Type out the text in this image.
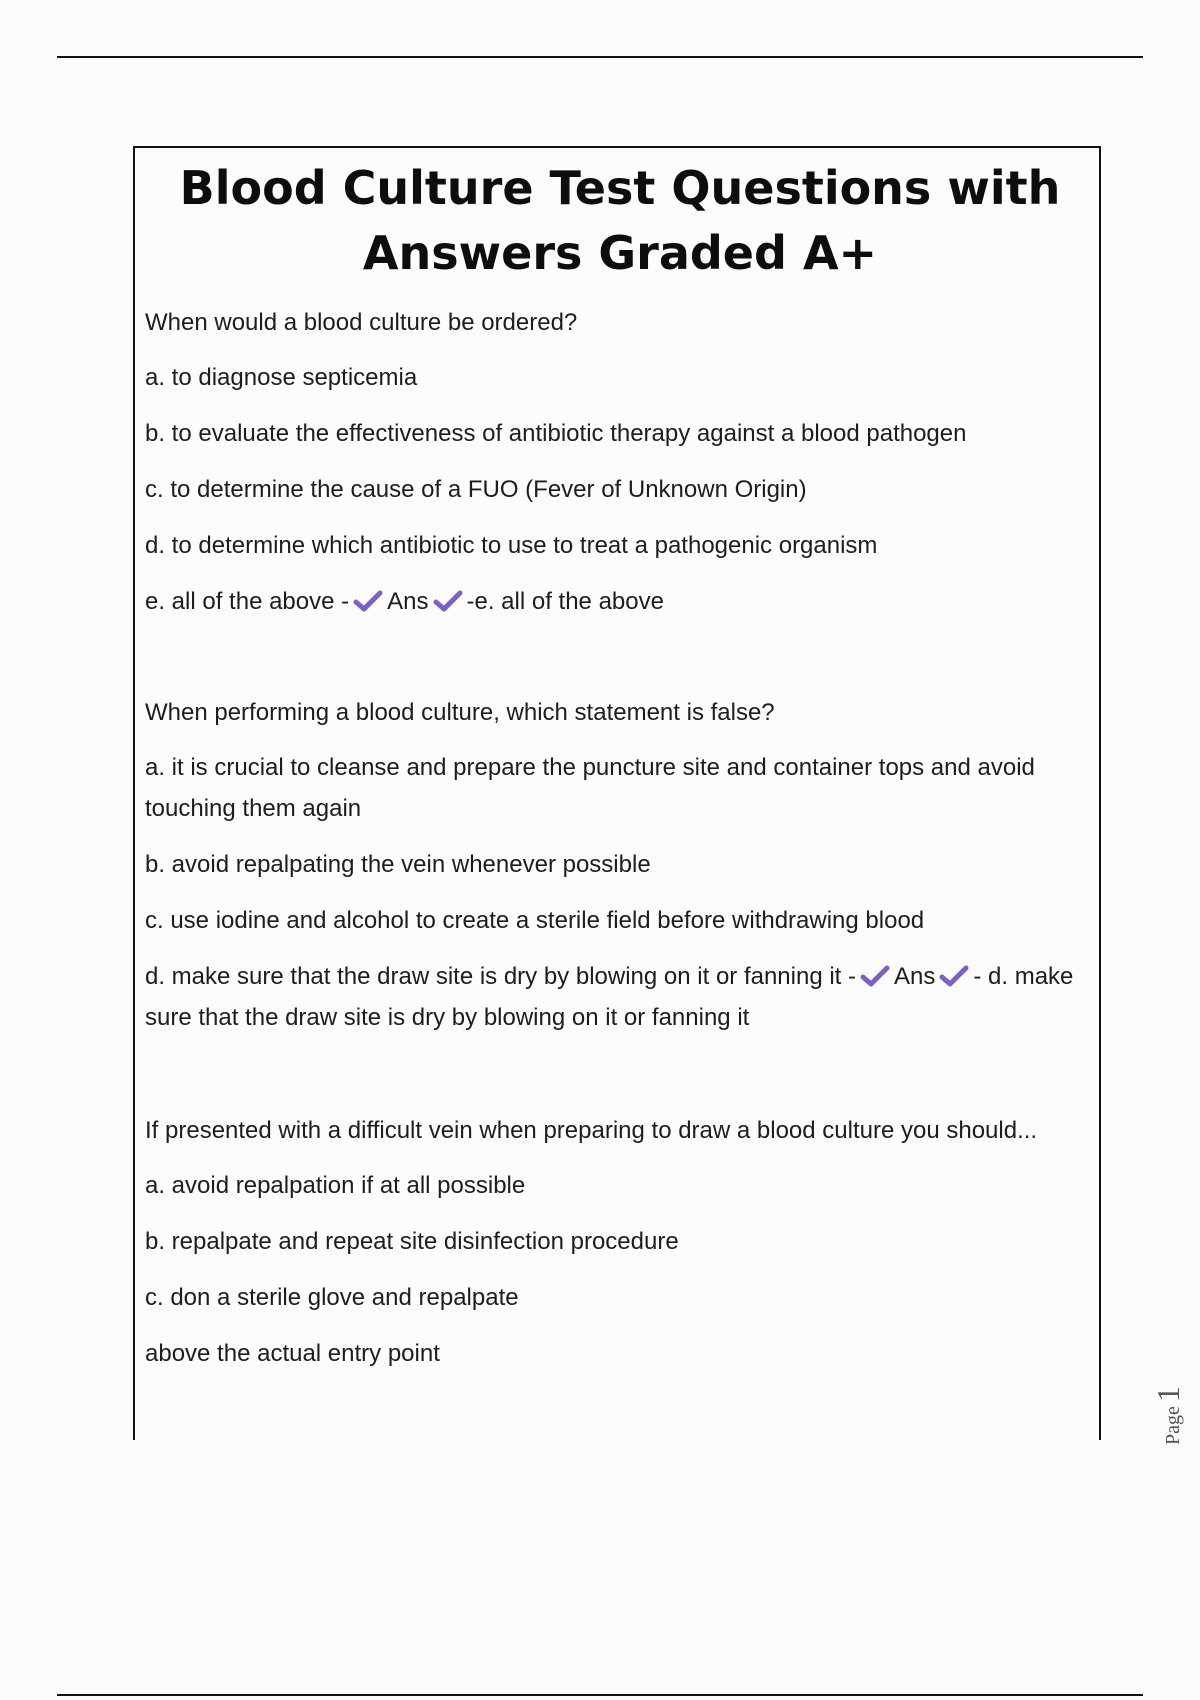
Blood Culture Test Questions with Answers Graded A+

When would a blood culture be ordered?

a. to diagnose septicemia

b. to evaluate the effectiveness of antibiotic therapy against a blood pathogen

c. to determine the cause of a FUO (Fever of Unknown Origin)

d. to determine which antibiotic to use to treat a pathogenic organism

e. all of the above - Ans -e. all of the above

When performing a blood culture, which statement is false?

a. it is crucial to cleanse and prepare the puncture site and container tops and avoid touching them again

b. avoid repalpating the vein whenever possible

c. use iodine and alcohol to create a sterile field before withdrawing blood

d. make sure that the draw site is dry by blowing on it or fanning it - Ans - d. make sure that the draw site is dry by blowing on it or fanning it

If presented with a difficult vein when preparing to draw a blood culture you should...

a. avoid repalpation if at all possible

b. repalpate and repeat site disinfection procedure

c. don a sterile glove and repalpate

above the actual entry point

Page1
